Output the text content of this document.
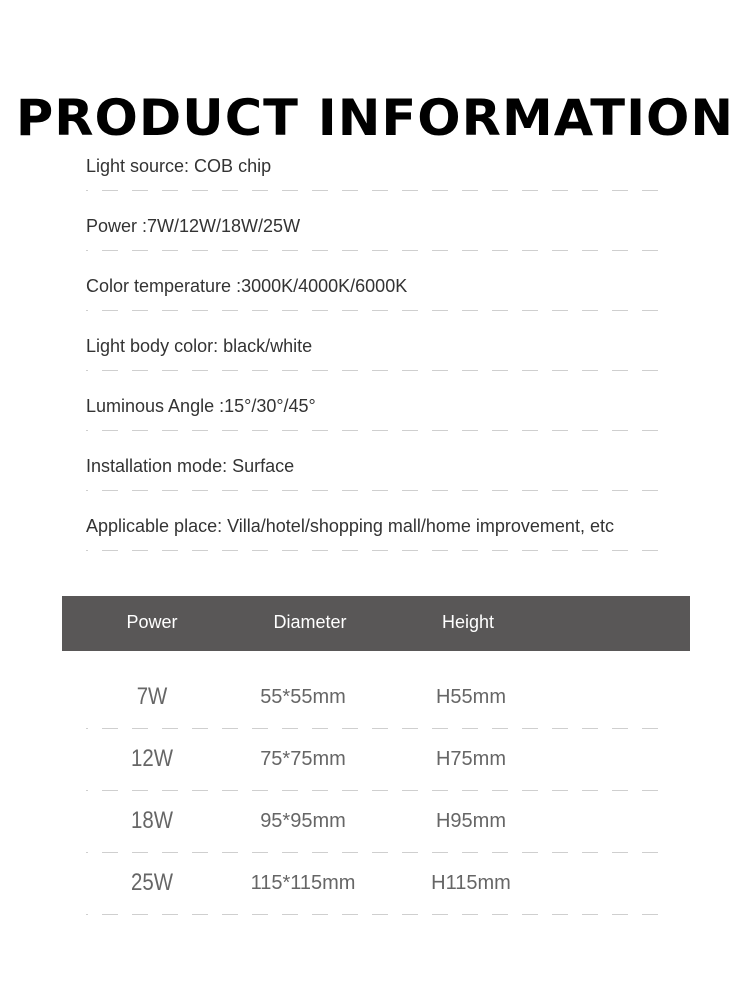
PRODUCT INFORMATION
Light source: COB chip
Power :7W/12W/18W/25W
Color temperature :3000K/4000K/6000K
Light body color: black/white
Luminous Angle :15°/30°/45°
Installation mode: Surface
Applicable place: Villa/hotel/shopping mall/home improvement, etc
Power	Diameter	Height
7W	55*55mm	H55mm
12W	75*75mm	H75mm
18W	95*95mm	H95mm
25W	115*115mm	H115mm
